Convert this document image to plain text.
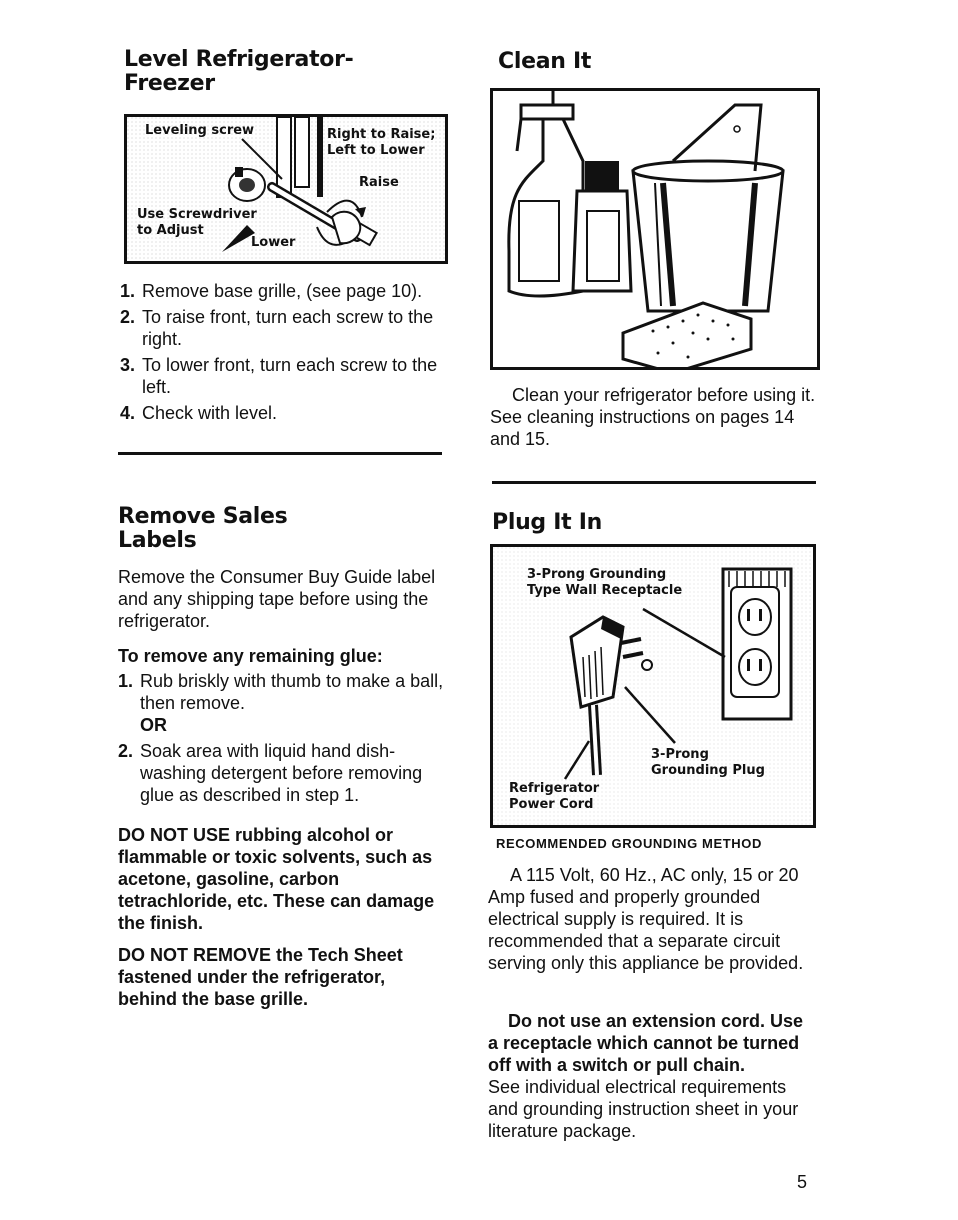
Level Refrigerator-
Freezer
Leveling screw	Right to Raise;
Left to Lower
Raise
Use Screwdriver
to Adjust
Lower
1. Remove base grille, (see page 10).
2. To raise front, turn each screw to the right.
3. To lower front, turn each screw to the left.
4. Check with level.
Remove Sales
Labels

Remove the Consumer Buy Guide label and any shipping tape before using the refrigerator.

To remove any remaining glue:

1. Rub briskly with thumb to make a ball, then remove.
OR
2. Soak area with liquid hand dish-washing detergent before removing glue as described in step 1.

DO NOT USE rubbing alcohol or flammable or toxic solvents, such as acetone, gasoline, carbon tetrachloride, etc. These can damage the finish.

DO NOT REMOVE the Tech Sheet fastened under the refrigerator, behind the base grille.

Clean It

Clean your refrigerator before using it. See cleaning instructions on pages 14 and 15.

Plug It In
3-Prong Grounding
Type Wall Receptacle
3-Prong
Grounding Plug
Refrigerator
Power Cord
RECOMMENDED GROUNDING METHOD

A 115 Volt, 60 Hz., AC only, 15 or 20 Amp fused and properly grounded electrical supply is required. It is recommended that a separate circuit serving only this appliance be provided.

Do not use an extension cord. Use a receptacle which cannot be turned off with a switch or pull chain. See individual electrical requirements and grounding instruction sheet in your literature package.

5
